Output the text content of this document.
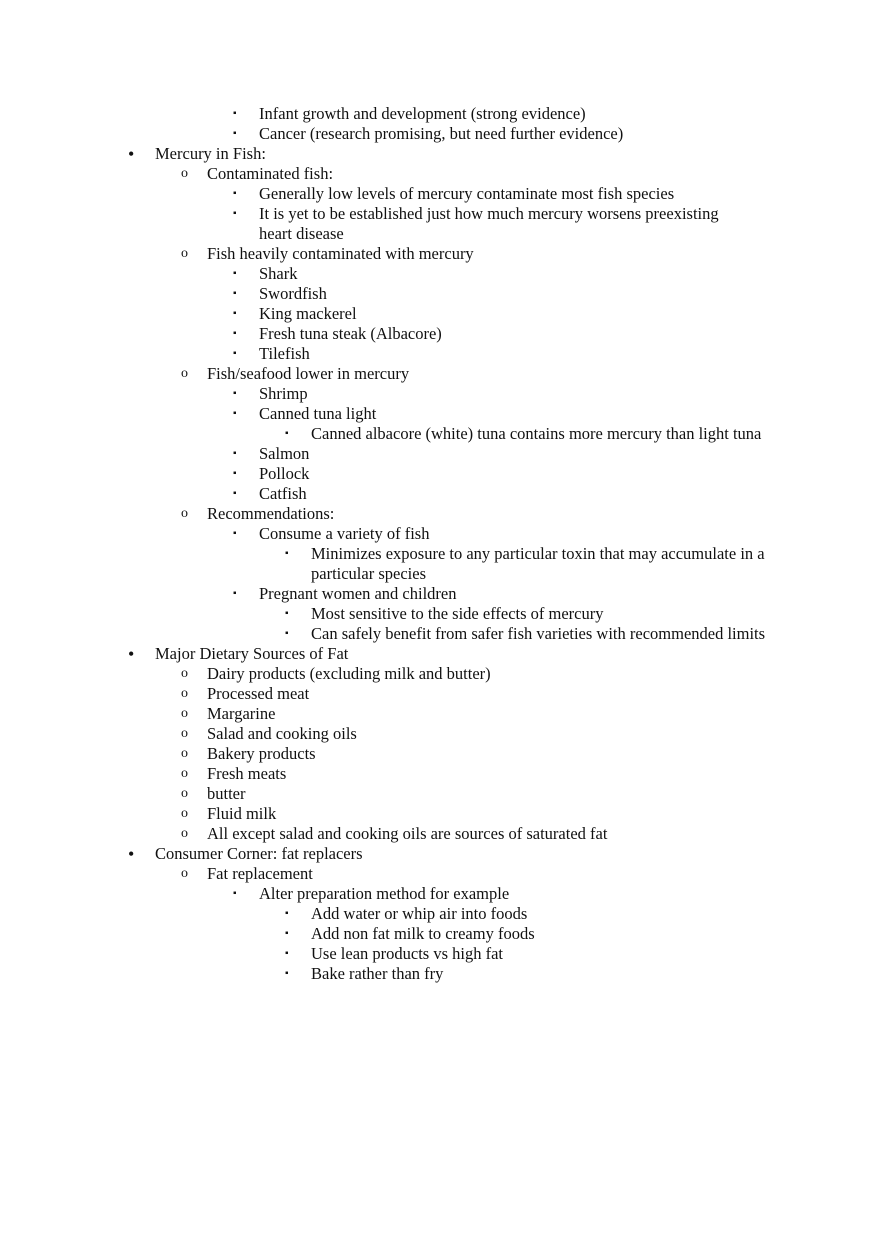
▪ Infant growth and development (strong evidence)
▪ Cancer (research promising, but need further evidence)
• Mercury in Fish:
o Contaminated fish:
▪ Generally low levels of mercury contaminate most fish species
▪ It is yet to be established just how much mercury worsens preexisting heart disease
o Fish heavily contaminated with mercury
▪ Shark
▪ Swordfish
▪ King mackerel
▪ Fresh tuna steak (Albacore)
▪ Tilefish
o Fish/seafood lower in mercury
▪ Shrimp
▪ Canned tuna light
▪ Canned albacore (white) tuna contains more mercury than light tuna
▪ Salmon
▪ Pollock
▪ Catfish
o Recommendations:
▪ Consume a variety of fish
▪ Minimizes exposure to any particular toxin that may accumulate in a particular species
▪ Pregnant women and children
▪ Most sensitive to the side effects of mercury
▪ Can safely benefit from safer fish varieties with recommended limits
• Major Dietary Sources of Fat
o Dairy products (excluding milk and butter)
o Processed meat
o Margarine
o Salad and cooking oils
o Bakery products
o Fresh meats
o butter
o Fluid milk
o All except salad and cooking oils are sources of saturated fat
• Consumer Corner: fat replacers
o Fat replacement
▪ Alter preparation method for example
▪ Add water or whip air into foods
▪ Add non fat milk to creamy foods
▪ Use lean products vs high fat
▪ Bake rather than fry
